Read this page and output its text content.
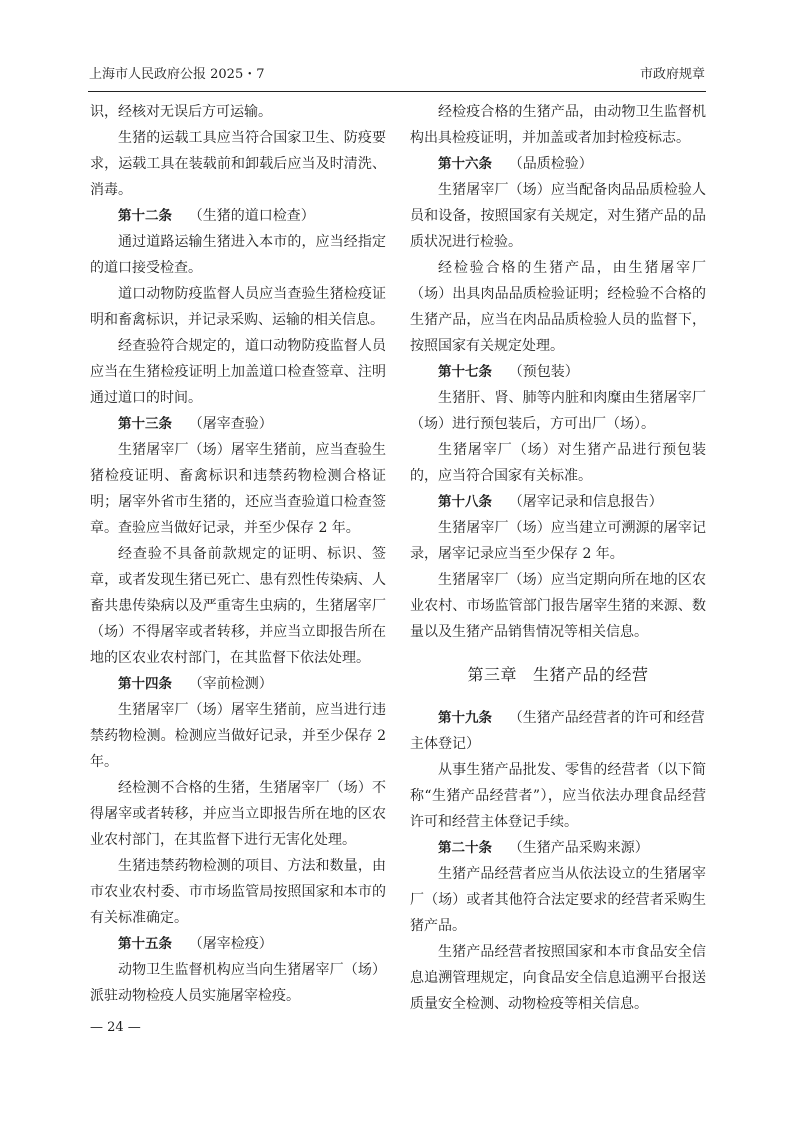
上海市人民政府公报 2025・7	市政府规章

识，经核对无误后方可运输。

生猪的运载工具应当符合国家卫生、防疫要求，运载工具在装载前和卸载后应当及时清洗、消毒。

第十二条 （生猪的道口检查）

通过道路运输生猪进入本市的，应当经指定的道口接受检查。

道口动物防疫监督人员应当查验生猪检疫证明和畜禽标识，并记录采购、运输的相关信息。

经查验符合规定的，道口动物防疫监督人员应当在生猪检疫证明上加盖道口检查签章、注明通过道口的时间。

第十三条 （屠宰查验）

生猪屠宰厂（场）屠宰生猪前，应当查验生猪检疫证明、畜禽标识和违禁药物检测合格证明；屠宰外省市生猪的，还应当查验道口检查签章。查验应当做好记录，并至少保存 2 年。

经查验不具备前款规定的证明、标识、签章，或者发现生猪已死亡、患有烈性传染病、人畜共患传染病以及严重寄生虫病的，生猪屠宰厂（场）不得屠宰或者转移，并应当立即报告所在地的区农业农村部门，在其监督下依法处理。

第十四条 （宰前检测）

生猪屠宰厂（场）屠宰生猪前，应当进行违禁药物检测。检测应当做好记录，并至少保存 2 年。

经检测不合格的生猪，生猪屠宰厂（场）不得屠宰或者转移，并应当立即报告所在地的区农业农村部门，在其监督下进行无害化处理。

生猪违禁药物检测的项目、方法和数量，由市农业农村委、市市场监管局按照国家和本市的有关标准确定。

第十五条 （屠宰检疫）

动物卫生监督机构应当向生猪屠宰厂（场）派驻动物检疫人员实施屠宰检疫。

经检疫合格的生猪产品，由动物卫生监督机构出具检疫证明，并加盖或者加封检疫标志。

第十六条 （品质检验）

生猪屠宰厂（场）应当配备肉品品质检验人员和设备，按照国家有关规定，对生猪产品的品质状况进行检验。

经检验合格的生猪产品，由生猪屠宰厂（场）出具肉品品质检验证明；经检验不合格的生猪产品，应当在肉品品质检验人员的监督下，按照国家有关规定处理。

第十七条 （预包装）

生猪肝、肾、肺等内脏和肉糜由生猪屠宰厂（场）进行预包装后，方可出厂（场）。

生猪屠宰厂（场）对生猪产品进行预包装的，应当符合国家有关标准。

第十八条 （屠宰记录和信息报告）

生猪屠宰厂（场）应当建立可溯源的屠宰记录，屠宰记录应当至少保存 2 年。

生猪屠宰厂（场）应当定期向所在地的区农业农村、市场监管部门报告屠宰生猪的来源、数量以及生猪产品销售情况等相关信息。

第三章 生猪产品的经营
第十九条 （生猪产品经营者的许可和经营主体登记）

从事生猪产品批发、零售的经营者（以下简称“生猪产品经营者”），应当依法办理食品经营许可和经营主体登记手续。

第二十条 （生猪产品采购来源）

生猪产品经营者应当从依法设立的生猪屠宰厂（场）或者其他符合法定要求的经营者采购生猪产品。

生猪产品经营者按照国家和本市食品安全信息追溯管理规定，向食品安全信息追溯平台报送质量安全检测、动物检疫等相关信息。

— 24 —
